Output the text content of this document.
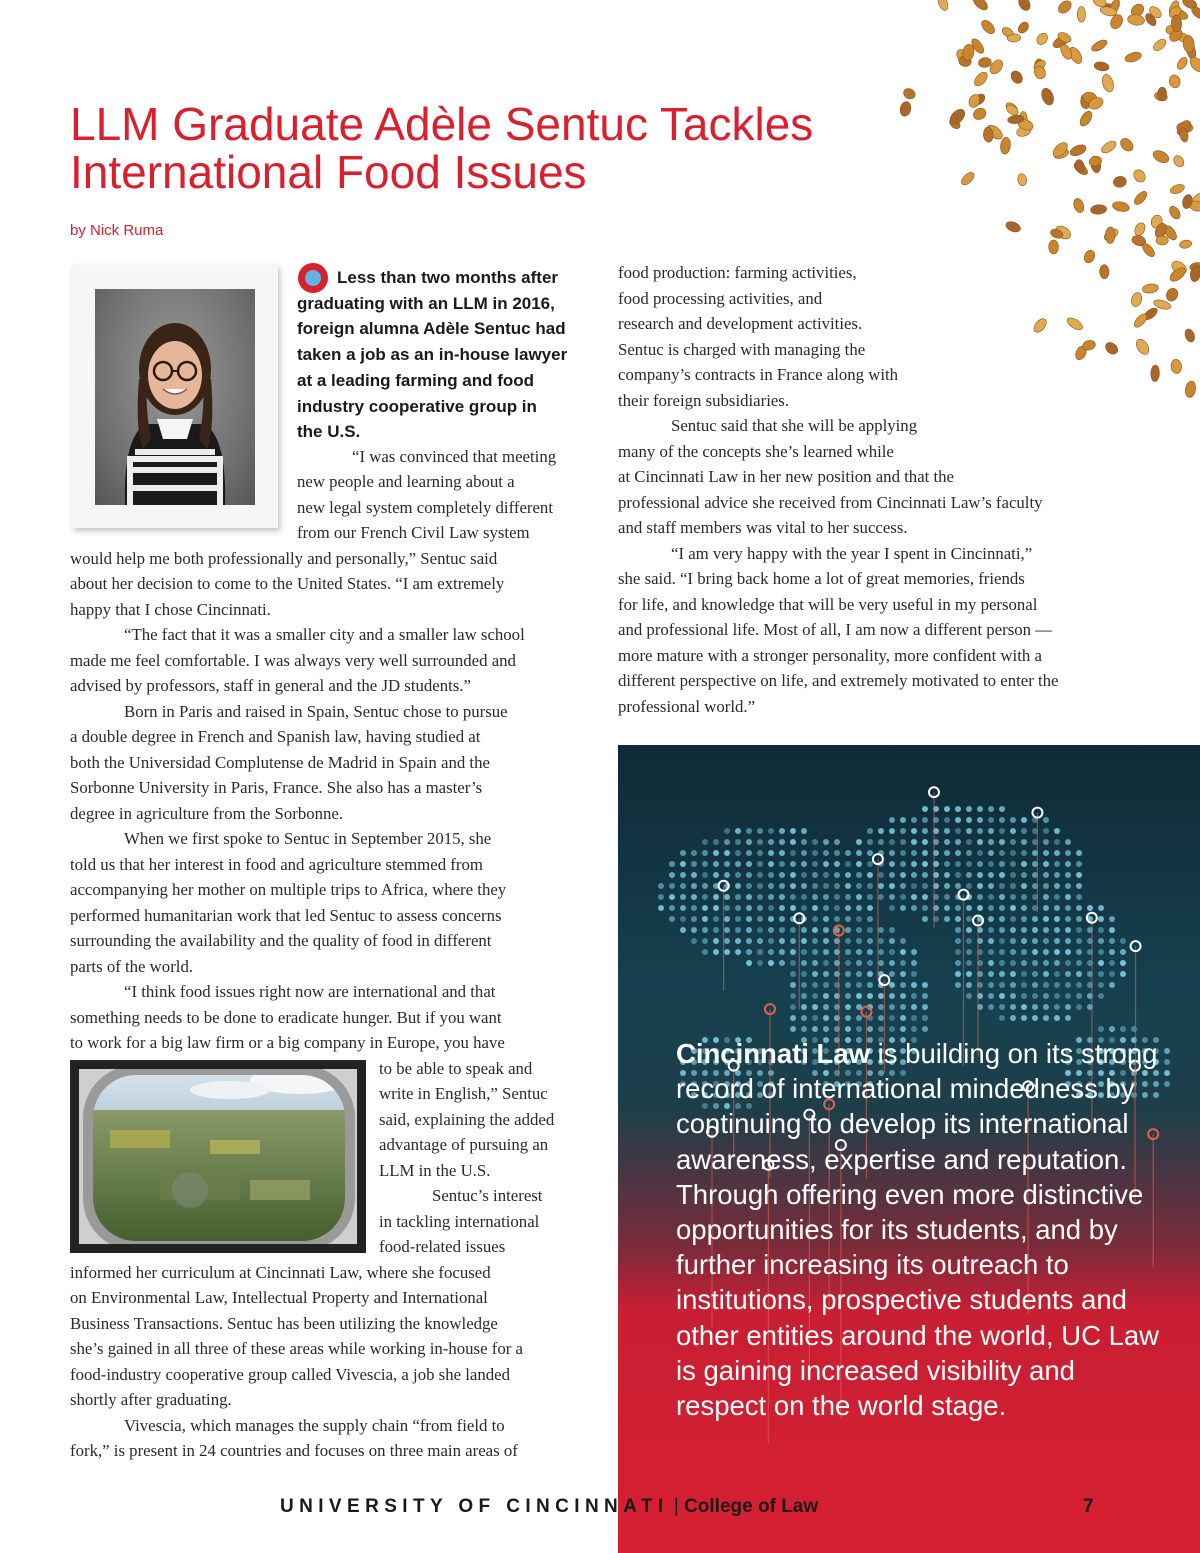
LLM Graduate Adèle Sentuc Tackles
International Food Issues
by Nick Ruma

Less than two months after
graduating with an LLM in 2016,
foreign alumna Adèle Sentuc had
taken a job as an in-house lawyer
at a leading farming and food
industry cooperative group in
the U.S.

“I was convinced that meeting
new people and learning about a
new legal system completely different
from our French Civil Law system
would help me both professionally and personally,” Sentuc said
about her decision to come to the United States. “I am extremely
happy that I chose Cincinnati.
“The fact that it was a smaller city and a smaller law school
made me feel comfortable. I was always very well surrounded and
advised by professors, staff in general and the JD students.”
Born in Paris and raised in Spain, Sentuc chose to pursue
a double degree in French and Spanish law, having studied at
both the Universidad Complutense de Madrid in Spain and the
Sorbonne University in Paris, France. She also has a master’s
degree in agriculture from the Sorbonne.
When we first spoke to Sentuc in September 2015, she
told us that her interest in food and agriculture stemmed from
accompanying her mother on multiple trips to Africa, where they
performed humanitarian work that led Sentuc to assess concerns
surrounding the availability and the quality of food in different
parts of the world.
“I think food issues right now are international and that
something needs to be done to eradicate hunger. But if you want
to work for a big law firm or a big company in Europe, you have
to be able to speak and
write in English,” Sentuc
said, explaining the added
advantage of pursuing an
LLM in the U.S.
Sentuc’s interest
in tackling international
food-related issues
informed her curriculum at Cincinnati Law, where she focused
on Environmental Law, Intellectual Property and International
Business Transactions. Sentuc has been utilizing the knowledge
she’s gained in all three of these areas while working in-house for a
food-industry cooperative group called Vivescia, a job she landed
shortly after graduating.
Vivescia, which manages the supply chain “from field to
fork,” is present in 24 countries and focuses on three main areas of
food production: farming activities,
food processing activities, and
research and development activities.
Sentuc is charged with managing the
company’s contracts in France along with
their foreign subsidiaries.
Sentuc said that she will be applying
many of the concepts she’s learned while
at Cincinnati Law in her new position and that the
professional advice she received from Cincinnati Law’s faculty
and staff members was vital to her success.
“I am very happy with the year I spent in Cincinnati,”
she said. “I bring back home a lot of great memories, friends
for life, and knowledge that will be very useful in my personal
and professional life. Most of all, I am now a different person —
more mature with a stronger personality, more confident with a
different perspective on life, and extremely motivated to enter the
professional world.”

Cincinnati Law is building on its strong record of international mindedness by continuing to develop its international awareness, expertise and reputation. Through offering even more distinctive opportunities for its students, and by further increasing its outreach to institutions, prospective students and other entities around the world, UC Law is gaining increased visibility and respect on the world stage.

UNIVERSITY OF CINCINNATI | College of Law	7
